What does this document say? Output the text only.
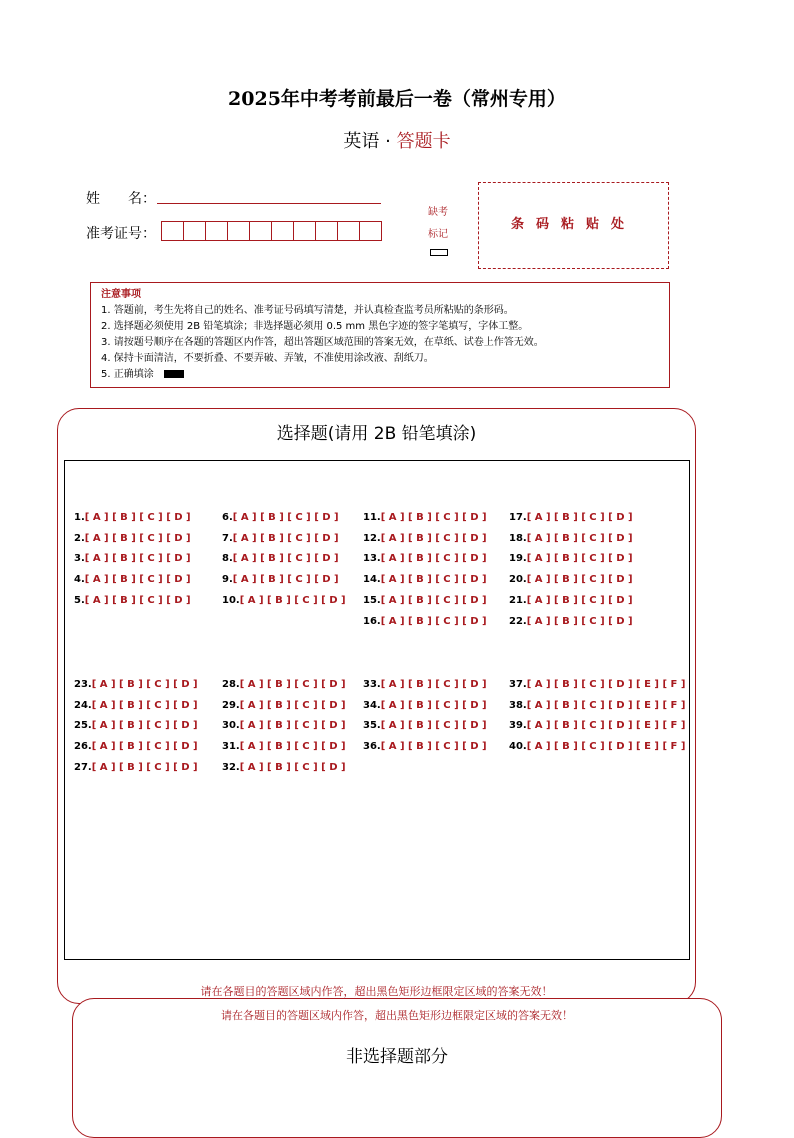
2025年中考考前最后一卷（常州专用）
英语 · 答题卡
姓　　名：
准考证号：
缺考
标记
条码粘贴处
注意事项
1. 答题前，考生先将自己的姓名、准考证号码填写清楚，并认真检查监考员所粘贴的条形码。
2. 选择题必须使用 2B 铅笔填涂；非选择题必须用 0.5 mm 黑色字迹的签字笔填写，字体工整。
3. 请按题号顺序在各题的答题区内作答，超出答题区域范围的答案无效，在草纸、试卷上作答无效。
4. 保持卡面清洁，不要折叠、不要弄破、弄皱，不准使用涂改液、刮纸刀。
5. 正确填涂
选择题(请用 2B 铅笔填涂)
1.[ A ] [ B ] [ C ] [ D ]
2.[ A ] [ B ] [ C ] [ D ]
3.[ A ] [ B ] [ C ] [ D ]
4.[ A ] [ B ] [ C ] [ D ]
5.[ A ] [ B ] [ C ] [ D ]
6.[ A ] [ B ] [ C ] [ D ]
7.[ A ] [ B ] [ C ] [ D ]
8.[ A ] [ B ] [ C ] [ D ]
9.[ A ] [ B ] [ C ] [ D ]
10.[ A ] [ B ] [ C ] [ D ]
11.[ A ] [ B ] [ C ] [ D ]
12.[ A ] [ B ] [ C ] [ D ]
13.[ A ] [ B ] [ C ] [ D ]
14.[ A ] [ B ] [ C ] [ D ]
15.[ A ] [ B ] [ C ] [ D ]
16.[ A ] [ B ] [ C ] [ D ]
17.[ A ] [ B ] [ C ] [ D ]
18.[ A ] [ B ] [ C ] [ D ]
19.[ A ] [ B ] [ C ] [ D ]
20.[ A ] [ B ] [ C ] [ D ]
21.[ A ] [ B ] [ C ] [ D ]
22.[ A ] [ B ] [ C ] [ D ]
23.[ A ] [ B ] [ C ] [ D ]
24.[ A ] [ B ] [ C ] [ D ]
25.[ A ] [ B ] [ C ] [ D ]
26.[ A ] [ B ] [ C ] [ D ]
27.[ A ] [ B ] [ C ] [ D ]
28.[ A ] [ B ] [ C ] [ D ]
29.[ A ] [ B ] [ C ] [ D ]
30.[ A ] [ B ] [ C ] [ D ]
31.[ A ] [ B ] [ C ] [ D ]
32.[ A ] [ B ] [ C ] [ D ]
33.[ A ] [ B ] [ C ] [ D ]
34.[ A ] [ B ] [ C ] [ D ]
35.[ A ] [ B ] [ C ] [ D ]
36.[ A ] [ B ] [ C ] [ D ]
37.[ A ] [ B ] [ C ] [ D ] [ E ] [ F ]
38.[ A ] [ B ] [ C ] [ D ] [ E ] [ F ]
39.[ A ] [ B ] [ C ] [ D ] [ E ] [ F ]
40.[ A ] [ B ] [ C ] [ D ] [ E ] [ F ]
请在各题目的答题区域内作答，超出黑色矩形边框限定区域的答案无效！
请在各题目的答题区域内作答，超出黑色矩形边框限定区域的答案无效！
非选择题部分
